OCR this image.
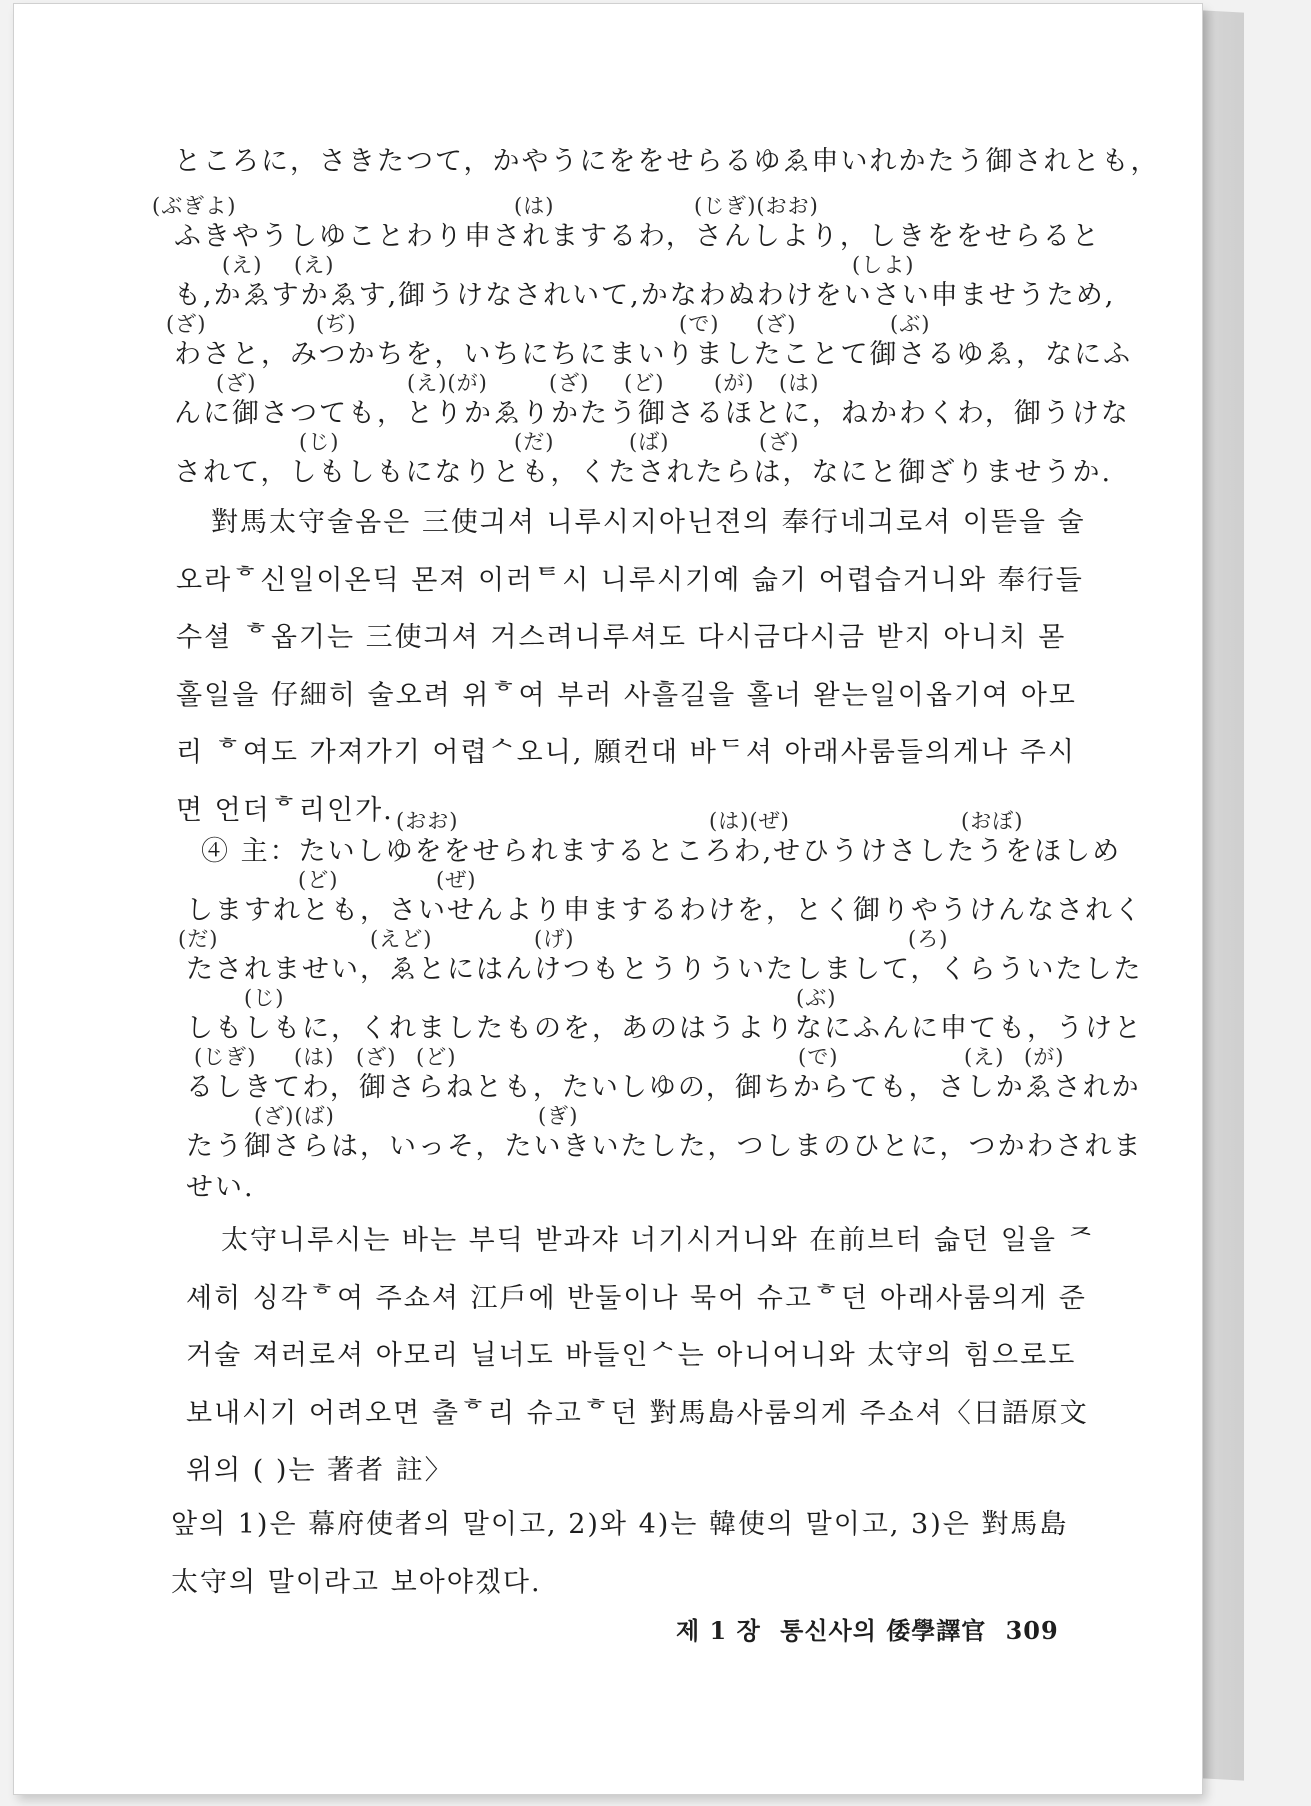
ところに，さきたつて，かやうにををせらるゆゑ申いれかたう御されとも，
(ぶぎよ)	(は)	(じぎ)(おお)
ふきやうしゆことわり申されまするわ，さんしより，しきををせらると
(え) (え)	(しよ)
も,かゑすかゑす,御うけなされいて,かなわぬわけをいさい申ませうため,
(ざ)	(ぢ)	(で) (ざ)	(ぶ)
わさと，みつかちを，いちにちにまいりましたことて御さるゆゑ，なにふ
(ざ)	(え)(が)	(ざ) (ど) (が) (は)
んに御さつても，とりかゑりかたう御さるほとに，ねかわくわ，御うけな
(じ)	(だ)	(ば)	(ざ)
されて，しもしもになりとも，くたされたらは，なにと御ざりませうか.
對馬太守술옴은 三使긔셔 니루시지아닌젼의 奉行네긔로셔 이뜯을 술
오라ᄒ신일이온딕 몬져 이러ᄐ시 니루시기예 슯기 어렵습거니와 奉行들
수셜 ᄒ옵기는 三使긔셔 거스려니루셔도 다시금다시금 받지 아니치 몯
홀일을 仔細히 술오려 위ᄒ여 부러 사흘길을 홀너 왇는일이옵기여 아모
리 ᄒ여도 가져가기 어렵ᄉ오니, 願컨대 바ᄃ셔 아래사룸들의게나 주시
면 언더ᄒ리인가. (おお)	(は)(ぜ)	(おぼ)
④ 主：たいしゆををせられまするところわ,せひうけさしたうをほしめ
(ど)	(ぜ)
しますれとも，さいせんより申まするわけを，とく御りやうけんなされく
(だ)	(えど)	(げ)	(ろ)
たされませい，ゑとにはんけつもとうりういたしまして，くらういたした
(じ)	(ぶ)
しもしもに，くれましたものを，あのはうよりなにふんに申ても，うけと
(じぎ) (は) (ざ) (ど)	(で)	(え) (が)
るしきてわ，御さらねとも，たいしゆの，御ちからても，さしかゑされか
(ざ)(ば)	(ぎ)
たう御さらは，いっそ，たいきいたした，つしまのひとに，つかわされま
せい.
太守니루시는 바는 부딕 받과쟈 너기시거니와 在前브터 슯던 일을 ᄌ
셰히 싱각ᄒ여 주쇼셔 江戶에 반둘이나 묵어 슈고ᄒ던 아래사룸의게 준
거술 져러로셔 아모리 닐너도 바들인ᄉ는 아니어니와 太守의 힘으로도
보내시기 어려오면 출ᄒ리 슈고ᄒ던 對馬島사룸의게 주쇼셔〈日語原文
위의 ( )는 著者 註〉
앞의 1)은 幕府使者의 말이고, 2)와 4)는 韓使의 말이고, 3)은 對馬島
太守의 말이라고 보아야겠다.
제 1 장 통신사의 倭學譯官 309
